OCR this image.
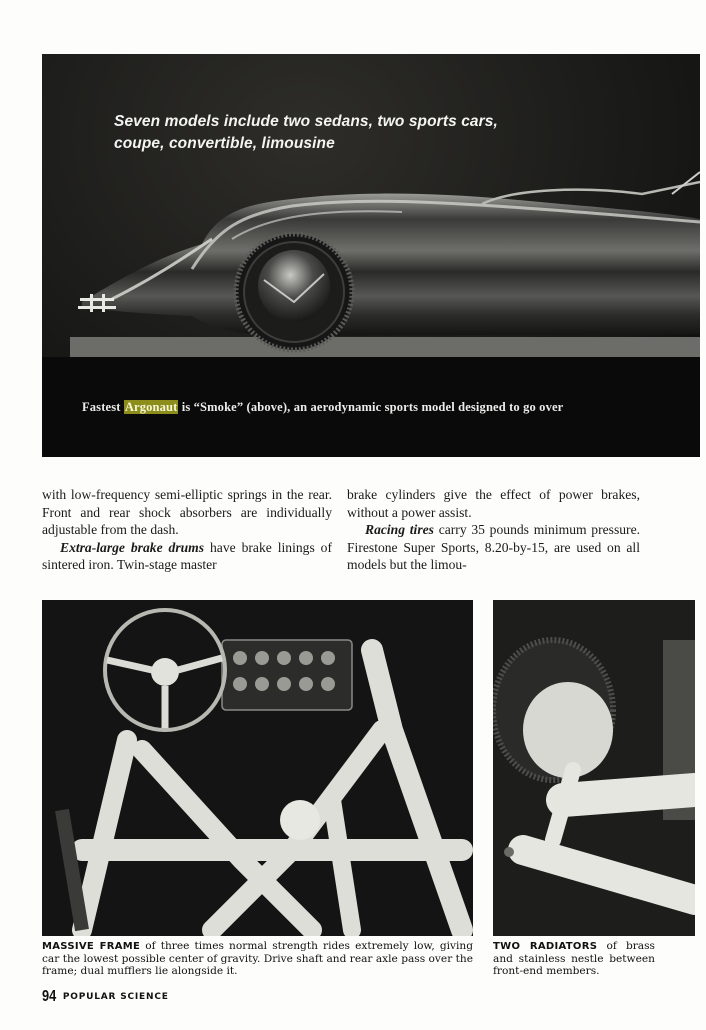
Seven models include two sedans, two sports cars, coupe, convertible, limousine
Fastest Argonaut is “Smoke” (above), an aerodynamic sports model designed to go over

with low-frequency semi-elliptic springs in the rear. Front and rear shock absorbers are individually adjustable from the dash.

Extra-large brake drums have brake linings of sintered iron. Twin-stage master

brake cylinders give the effect of power brakes, without a power assist.

Racing tires carry 35 pounds minimum pressure. Firestone Super Sports, 8.20-by-15, are used on all models but the limou-

MASSIVE FRAME of three times normal strength rides extremely low, giving car the lowest possible center of gravity. Drive shaft and rear axle pass over the frame; dual mufflers lie alongside it.
TWO RADIATORS of brass and stainless nestle between front-end members.
94 POPULAR SCIENCE
